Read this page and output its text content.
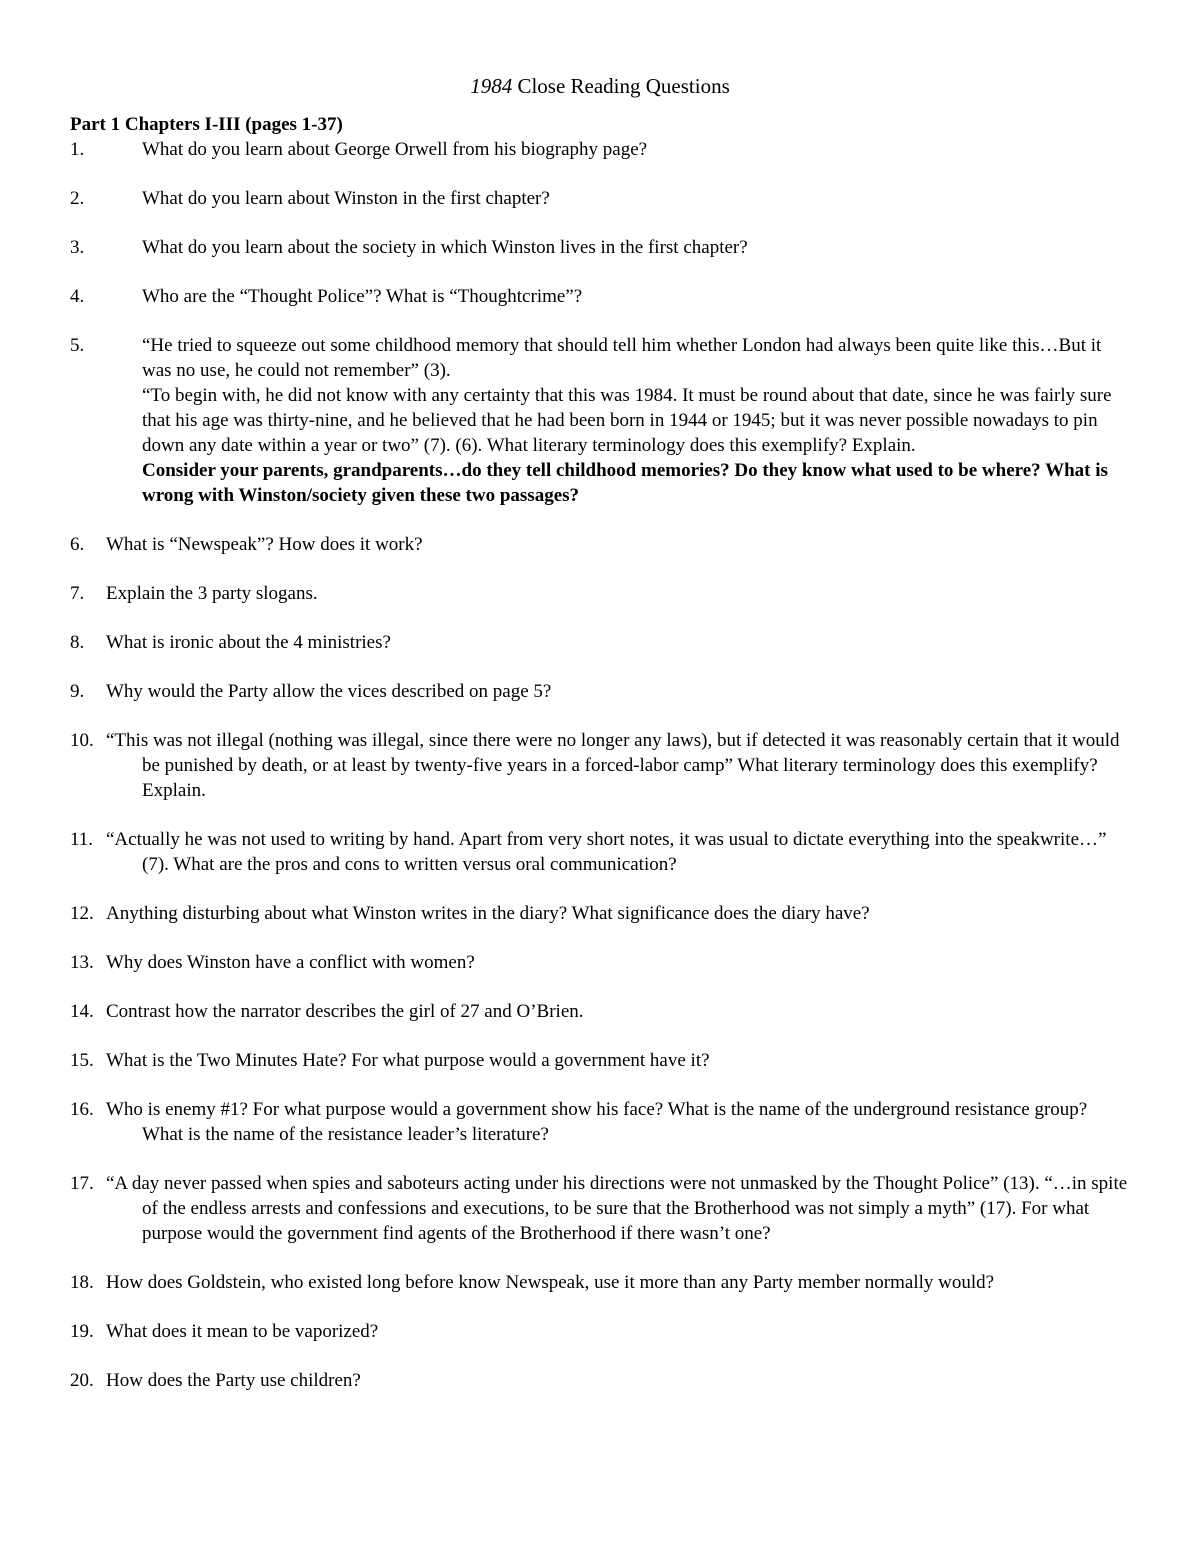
1984 Close Reading Questions

Part 1 Chapters I-III (pages 1-37)

1.	What do you learn about George Orwell from his biography page?

2.	What do you learn about Winston in the first chapter?

3.	What do you learn about the society in which Winston lives in the first chapter?

4.	Who are the “Thought Police”? What is “Thoughtcrime”?

5.	“He tried to squeeze out some childhood memory that should tell him whether London had always been quite like this…But it was no use, he could not remember” (3).

“To begin with, he did not know with any certainty that this was 1984. It must be round about that date, since he was fairly sure that his age was thirty-nine, and he believed that he had been born in 1944 or 1945; but it was never possible nowadays to pin down any date within a year or two” (7). (6). What literary terminology does this exemplify? Explain.

Consider your parents, grandparents…do they tell childhood memories? Do they know what used to be where? What is wrong with Winston/society given these two passages?

6. What is “Newspeak”? How does it work?
7. Explain the 3 party slogans.
8. What is ironic about the 4 ministries?
9. Why would the Party allow the vices described on page 5?
10. “This was not illegal (nothing was illegal, since there were no longer any laws), but if detected it was reasonably certain that it would be punished by death, or at least by twenty-five years in a forced-labor camp” What literary terminology does this exemplify? Explain.
11. “Actually he was not used to writing by hand. Apart from very short notes, it was usual to dictate everything into the speakwrite…” (7). What are the pros and cons to written versus oral communication?
12. Anything disturbing about what Winston writes in the diary? What significance does the diary have?
13. Why does Winston have a conflict with women?
14. Contrast how the narrator describes the girl of 27 and O’Brien.
15. What is the Two Minutes Hate? For what purpose would a government have it?
16. Who is enemy #1? For what purpose would a government show his face? What is the name of the underground resistance group? What is the name of the resistance leader’s literature?
17. “A day never passed when spies and saboteurs acting under his directions were not unmasked by the Thought Police” (13). “…in spite of the endless arrests and confessions and executions, to be sure that the Brotherhood was not simply a myth” (17). For what purpose would the government find agents of the Brotherhood if there wasn’t one?
18. How does Goldstein, who existed long before know Newspeak, use it more than any Party member normally would?
19. What does it mean to be vaporized?
20. How does the Party use children?
